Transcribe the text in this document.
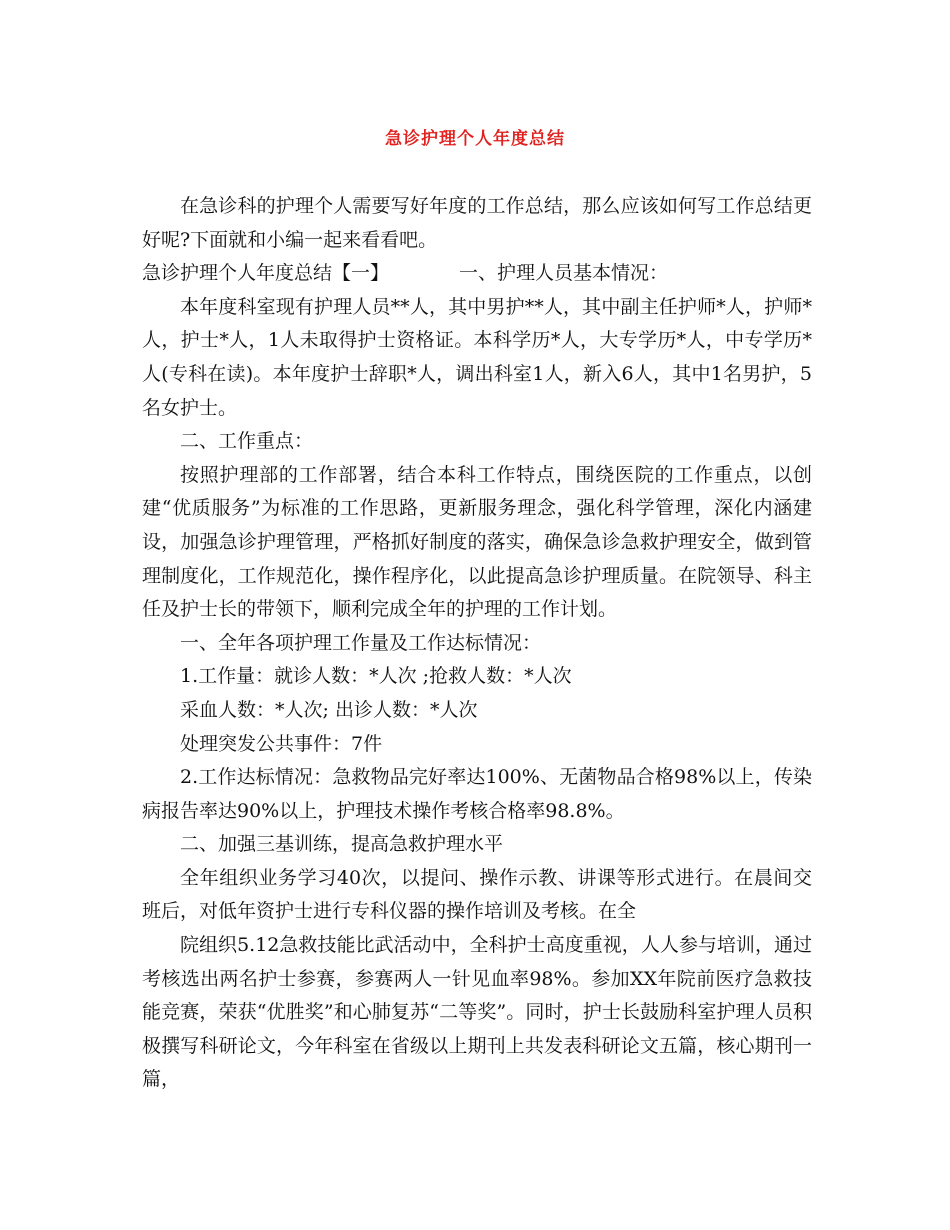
急诊护理个人年度总结

在急诊科的护理个人需要写好年度的工作总结，那么应该如何写工作总结更好呢?下面就和小编一起来看看吧。

急诊护理个人年度总结【一】	一、护理人员基本情况：

本年度科室现有护理人员**人，其中男护**人，其中副主任护师*人，护师*人，护士*人，1人未取得护士资格证。本科学历*人，大专学历*人，中专学历*人(专科在读)。本年度护士辞职*人，调出科室1人，新入6人，其中1名男护，5名女护士。

二、工作重点：

按照护理部的工作部署，结合本科工作特点，围绕医院的工作重点，以创建“优质服务”为标准的工作思路，更新服务理念，强化科学管理，深化内涵建设，加强急诊护理管理，严格抓好制度的落实，确保急诊急救护理安全，做到管理制度化，工作规范化，操作程序化，以此提高急诊护理质量。在院领导、科主任及护士长的带领下，顺利完成全年的护理的工作计划。

一、全年各项护理工作量及工作达标情况：

1.工作量：就诊人数：*人次 ;抢救人数：*人次

采血人数：*人次; 出诊人数：*人次

处理突发公共事件：7件

2.工作达标情况：急救物品完好率达100%、无菌物品合格98%以上，传染病报告率达90%以上，护理技术操作考核合格率98.8%。

二、加强三基训练，提高急救护理水平

全年组织业务学习40次，以提问、操作示教、讲课等形式进行。在晨间交班后，对低年资护士进行专科仪器的操作培训及考核。在全

院组织5.12急救技能比武活动中，全科护士高度重视，人人参与培训，通过考核选出两名护士参赛，参赛两人一针见血率98%。参加XX年院前医疗急救技能竞赛，荣获“优胜奖”和心肺复苏“二等奖”。同时，护士长鼓励科室护理人员积极撰写科研论文，今年科室在省级以上期刊上共发表科研论文五篇，核心期刊一篇，
